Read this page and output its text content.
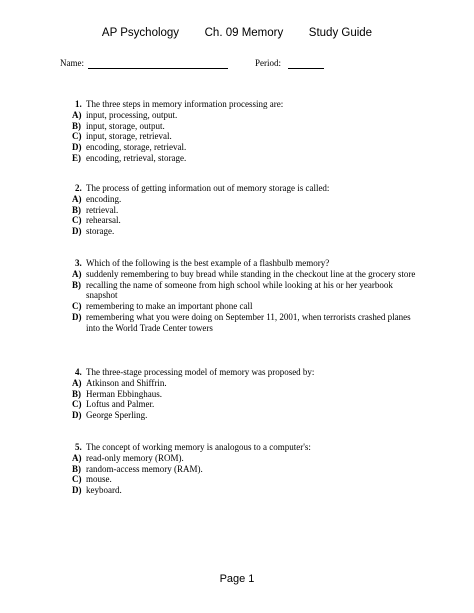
AP Psychology        Ch. 09 Memory        Study Guide
Name:	Period:
1. The three steps in memory information processing are:
A) input, processing, output.
B) input, storage, output.
C) input, storage, retrieval.
D) encoding, storage, retrieval.
E) encoding, retrieval, storage.
2. The process of getting information out of memory storage is called:
A) encoding.
B) retrieval.
C) rehearsal.
D) storage.
3. Which of the following is the best example of a flashbulb memory?
A) suddenly remembering to buy bread while standing in the checkout line at the grocery store
B) recalling the name of someone from high school while looking at his or her yearbook snapshot
C) remembering to make an important phone call
D) remembering what you were doing on September 11, 2001, when terrorists crashed planes into the World Trade Center towers
4. The three-stage processing model of memory was proposed by:
A) Atkinson and Shiffrin.
B) Herman Ebbinghaus.
C) Loftus and Palmer.
D) George Sperling.
5. The concept of working memory is analogous to a computer's:
A) read-only memory (ROM).
B) random-access memory (RAM).
C) mouse.
D) keyboard.
Page 1
